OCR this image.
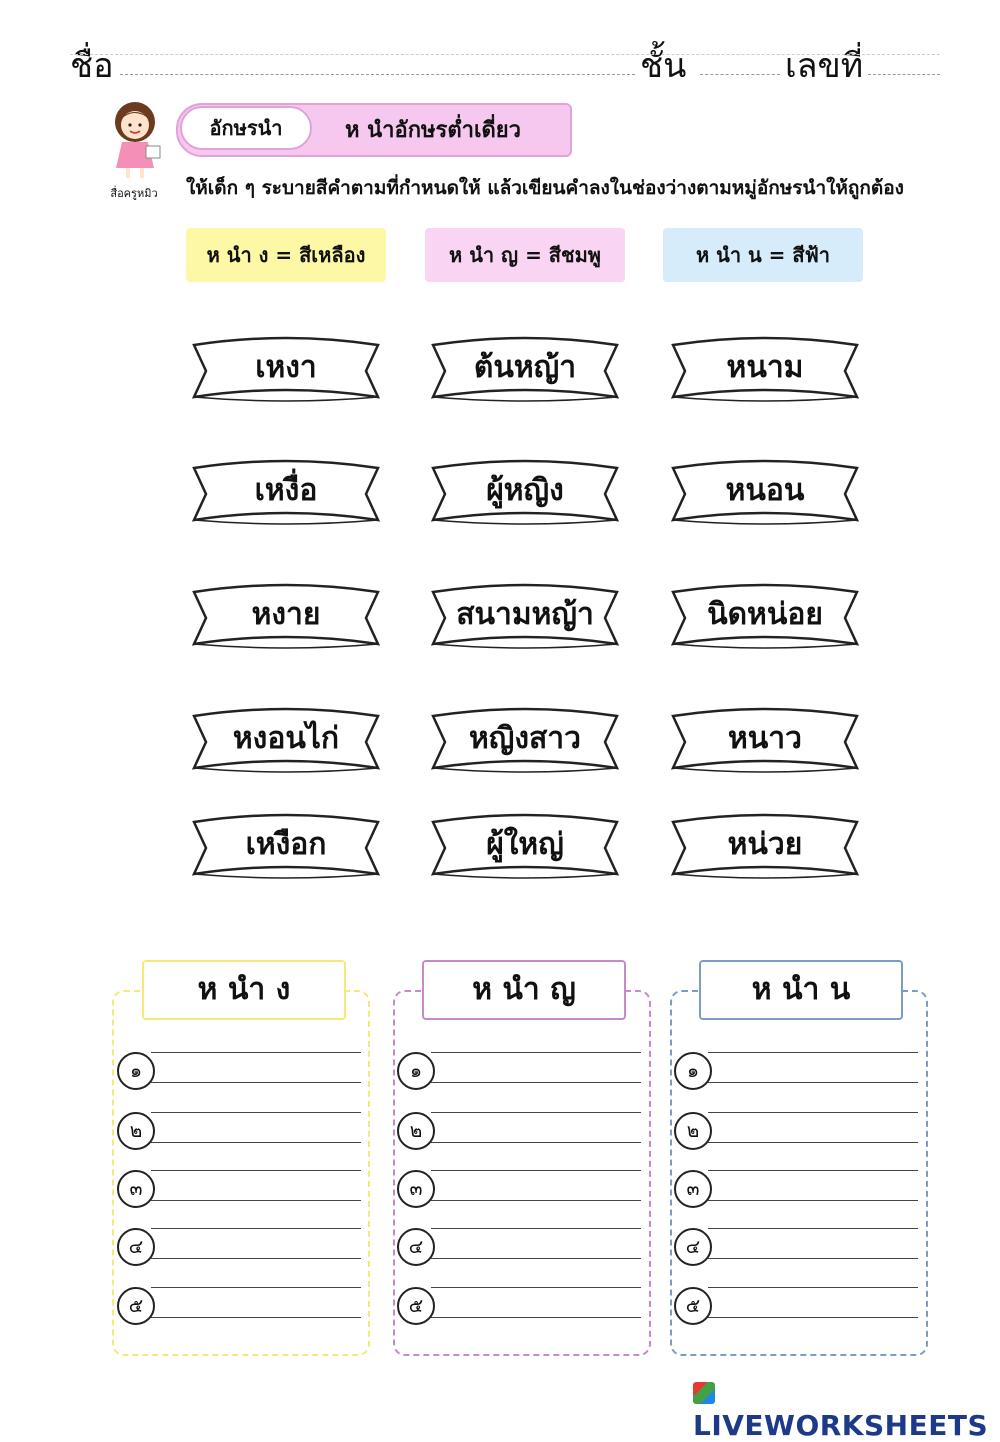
ชื่อ	ชั้น	เลขที่
สื่อครูหมิว
อักษรนำ	ห นำอักษรต่ำเดี่ยว
ให้เด็ก ๆ ระบายสีคำตามที่กำหนดให้ แล้วเขียนคำลงในช่องว่างตามหมู่อักษรนำให้ถูกต้อง
ห นำ ง = สีเหลือง	ห นำ ญ = สีชมพู	ห นำ น = สีฟ้า
เหงา	ต้นหญ้า	หนาม
เหงื่อ	ผู้หญิง	หนอน
หงาย	สนามหญ้า	นิดหน่อย
หงอนไก่	หญิงสาว	หนาว
เหงือก	ผู้ใหญ่	หน่วย
ห นำ ง	ห นำ ญ	ห นำ น
๑
๒
๓
๔
๕
๑
๒
๓
๔
๕
๑
๒
๓
๔
๕
LIVEWORKSHEETS
